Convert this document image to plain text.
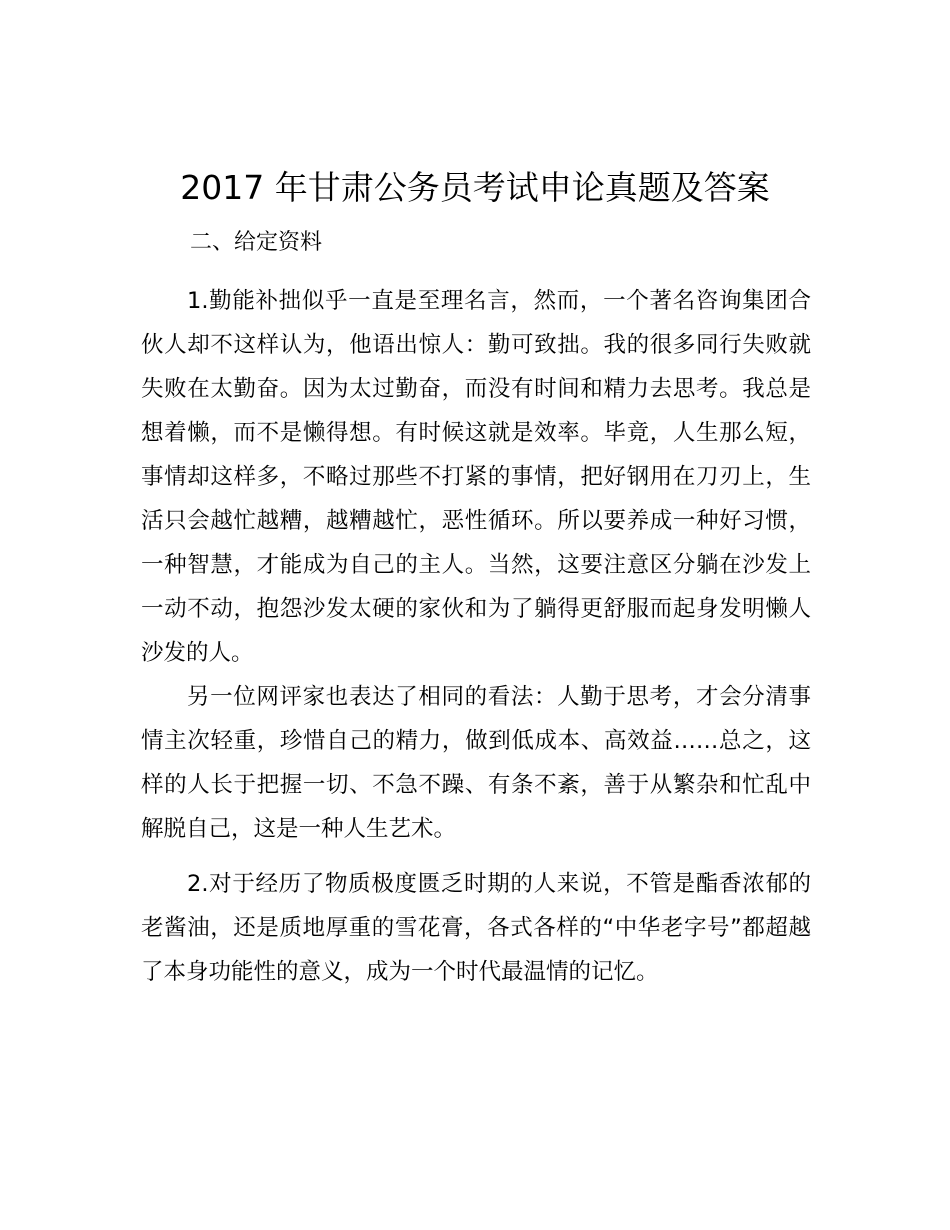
2017 年甘肃公务员考试申论真题及答案

二、给定资料

1.勤能补拙似乎一直是至理名言，然而，一个著名咨询集团合伙人却不这样认为，他语出惊人：勤可致拙。我的很多同行失败就失败在太勤奋。因为太过勤奋，而没有时间和精力去思考。我总是想着懒，而不是懒得想。有时候这就是效率。毕竟，人生那么短，事情却这样多，不略过那些不打紧的事情，把好钢用在刀刃上，生活只会越忙越糟，越糟越忙，恶性循环。所以要养成一种好习惯，一种智慧，才能成为自己的主人。当然，这要注意区分躺在沙发上一动不动，抱怨沙发太硬的家伙和为了躺得更舒服而起身发明懒人沙发的人。

另一位网评家也表达了相同的看法：人勤于思考，才会分清事情主次轻重，珍惜自己的精力，做到低成本、高效益……总之，这样的人长于把握一切、不急不躁、有条不紊，善于从繁杂和忙乱中解脱自己，这是一种人生艺术。

2.对于经历了物质极度匮乏时期的人来说，不管是酯香浓郁的老酱油，还是质地厚重的雪花膏，各式各样的“中华老字号”都超越了本身功能性的意义，成为一个时代最温情的记忆。
